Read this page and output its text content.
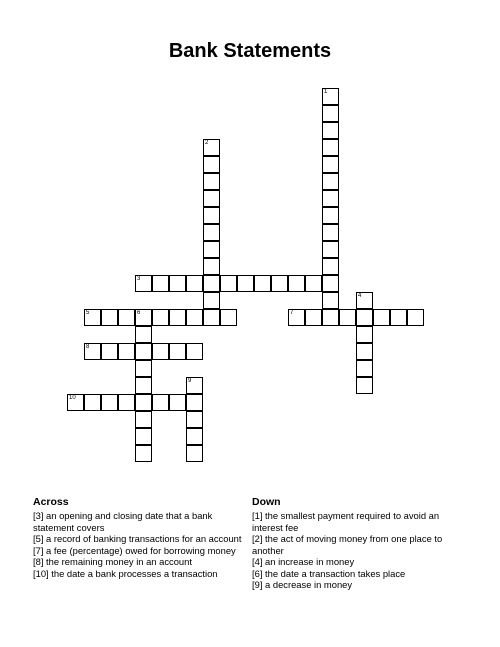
Bank Statements
1
2
3
4
5	6	7
8
9
10
Across
[3] an opening and closing date that a bank statement covers
[5] a record of banking transactions for an account
[7] a fee (percentage) owed for borrowing money
[8] the remaining money in an account
[10] the date a bank processes a transaction
Down
[1] the smallest payment required to avoid an interest fee
[2] the act of moving money from one place to another
[4] an increase in money
[6] the date a transaction takes place
[9] a decrease in money
